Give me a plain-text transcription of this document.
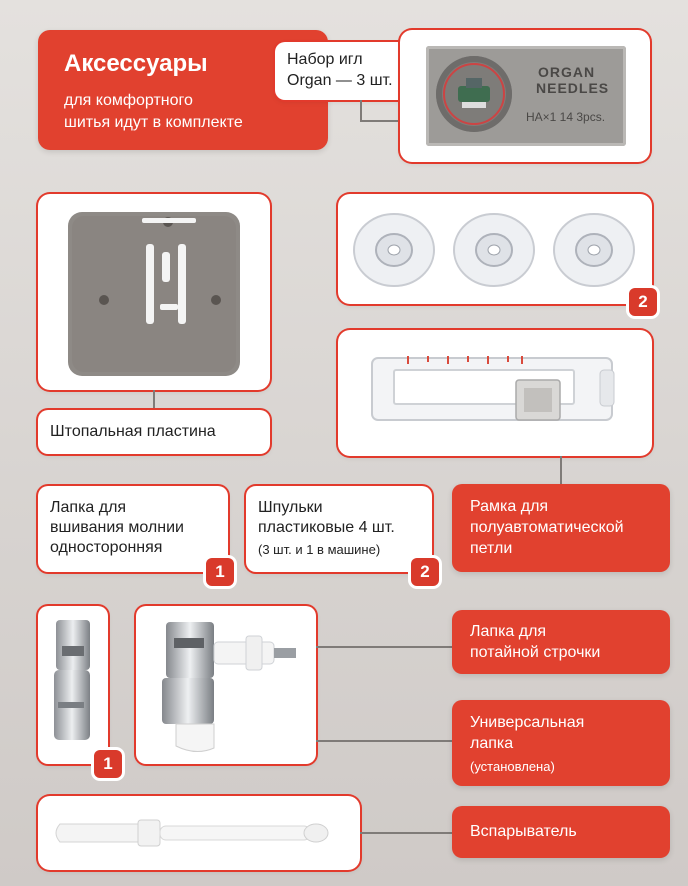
Аксессуары
для комфортного
шитья идут в комплекте
Набор игл
Organ — 3 шт.	ORGAN
NEEDLES
HA×1 14 3pcs.
Штопальная пластина
2
Лапка для
вшивания молнии
односторонняя
1
Шпульки
пластиковые 4 шт.
(3 шт. и 1 в машине)
2
Рамка для
полуавтоматической
петли
1
Лапка для
потайной строчки
Универсальная
лапка
(установлена)
Вспарыватель
